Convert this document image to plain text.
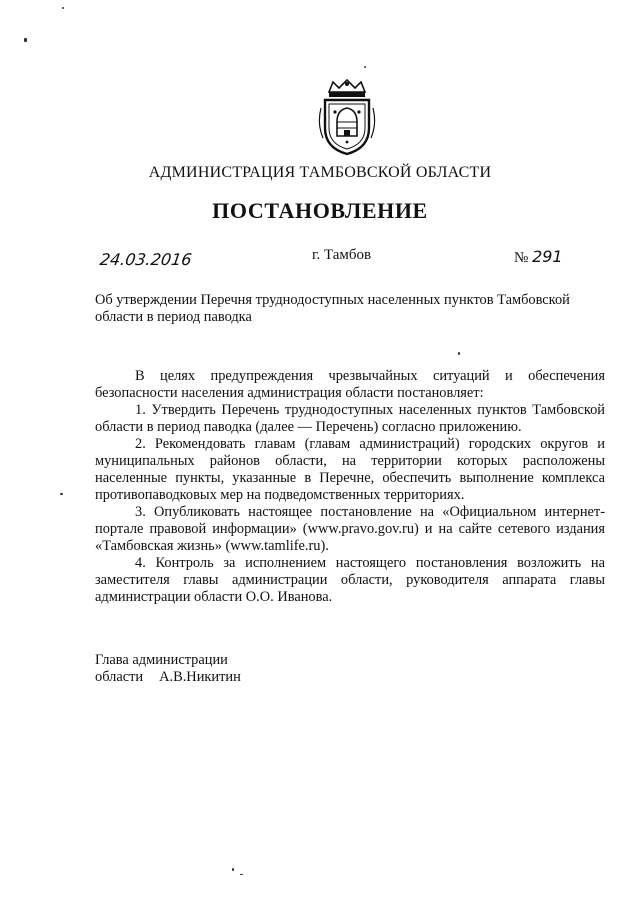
АДМИНИСТРАЦИЯ ТАМБОВСКОЙ ОБЛАСТИ
ПОСТАНОВЛЕНИЕ
24.03.2016	г. Тамбов	№ 291
Об утверждении Перечня труднодоступных населенных пунктов Тамбовской области в период паводка

В целях предупреждения чрезвычайных ситуаций и обеспечения безопасности населения администрация области постановляет:

1. Утвердить Перечень труднодоступных населенных пунктов Тамбовской области в период паводка (далее — Перечень) согласно приложению.

2. Рекомендовать главам (главам администраций) городских округов и муниципальных районов области, на территории которых расположены населенные пункты, указанные в Перечне, обеспечить выполнение комплекса противопаводковых мер на подведомственных территориях.

3. Опубликовать настоящее постановление на «Официальном интернет-портале правовой информации» (www.pravo.gov.ru) и на сайте сетевого издания «Тамбовская жизнь» (www.tamlife.ru).

4. Контроль за исполнением настоящего постановления возложить на заместителя главы администрации области, руководителя аппарата главы администрации области О.О. Иванова.

Глава администрации
области А.В.Никитин
